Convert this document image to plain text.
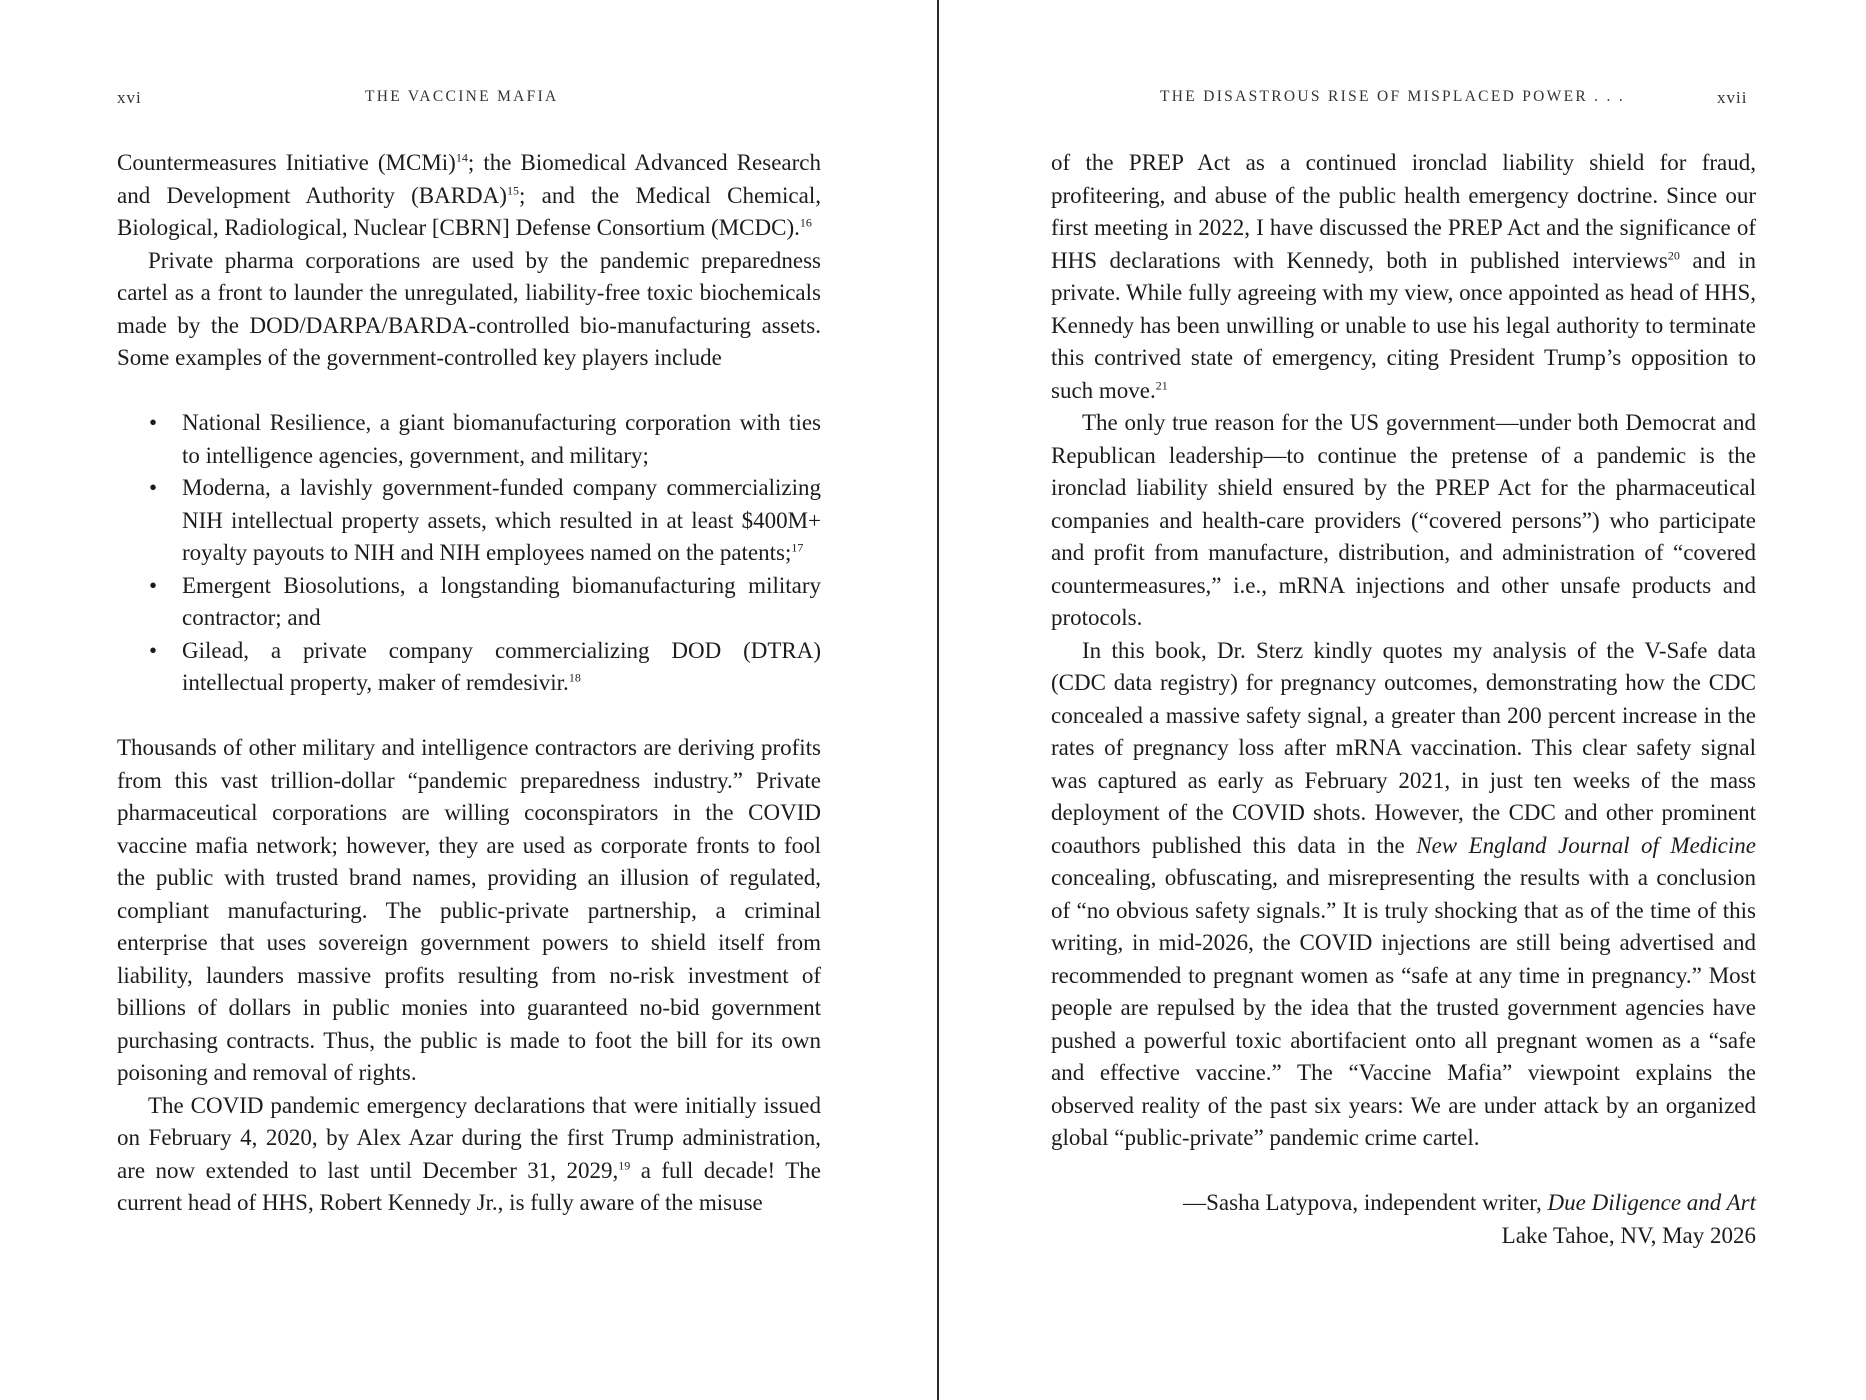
xvi	THE VACCINE MAFIA

Countermeasures Initiative (MCMi)$^{14}$; the Biomedical Advanced Research and Development Authority (BARDA)$^{15}$; and the Medical Chemical, Biological, Radiological, Nuclear [CBRN] Defense Consortium (MCDC).$^{16}$

Private pharma corporations are used by the pandemic preparedness cartel as a front to launder the unregulated, liability-free toxic biochemicals made by the DOD/DARPA/BARDA-controlled bio-manufacturing assets. Some examples of the government-controlled key players include

• National Resilience, a giant biomanufacturing corporation with ties to intelligence agencies, government, and military;
• Moderna, a lavishly government-funded company commercializing NIH intellectual property assets, which resulted in at least $400M+ royalty payouts to NIH and NIH employees named on the patents;$^{17}$
• Emergent Biosolutions, a longstanding biomanufacturing military contractor; and
• Gilead, a private company commercializing DOD (DTRA) intellectual property, maker of remdesivir.$^{18}$

Thousands of other military and intelligence contractors are deriving profits from this vast trillion-dollar “pandemic preparedness industry.” Private pharmaceutical corporations are willing coconspirators in the COVID vaccine mafia network; however, they are used as corporate fronts to fool the public with trusted brand names, providing an illusion of regulated, compliant manufacturing. The public-private partnership, a criminal enterprise that uses sovereign government powers to shield itself from liability, launders massive profits resulting from no-risk investment of billions of dollars in public monies into guaranteed no-bid government purchasing contracts. Thus, the public is made to foot the bill for its own poisoning and removal of rights.

The COVID pandemic emergency declarations that were initially issued on February 4, 2020, by Alex Azar during the first Trump administration, are now extended to last until December 31, 2029,19 a full decade! The current head of HHS, Robert Kennedy Jr., is fully aware of the misuse

THE DISASTROUS RISE OF MISPLACED POWER . . .	xvii

of the PREP Act as a continued ironclad liability shield for fraud, profiteering, and abuse of the public health emergency doctrine. Since our first meeting in 2022, I have discussed the PREP Act and the significance of HHS declarations with Kennedy, both in published interviews$^{20}$ and in private. While fully agreeing with my view, once appointed as head of HHS, Kennedy has been unwilling or unable to use his legal authority to terminate this contrived state of emergency, citing President Trump’s opposition to such move.$^{21}$

The only true reason for the US government—under both Democrat and Republican leadership—to continue the pretense of a pandemic is the ironclad liability shield ensured by the PREP Act for the pharmaceutical companies and health-care providers (“covered persons”) who participate and profit from manufacture, distribution, and administration of “covered countermeasures,” i.e., mRNA injections and other unsafe products and protocols.

In this book, Dr. Sterz kindly quotes my analysis of the V-Safe data (CDC data registry) for pregnancy outcomes, demonstrating how the CDC concealed a massive safety signal, a greater than 200 percent increase in the rates of pregnancy loss after mRNA vaccination. This clear safety signal was captured as early as February 2021, in just ten weeks of the mass deployment of the COVID shots. However, the CDC and other prominent coauthors published this data in the New England Journal of Medicine concealing, obfuscating, and misrepresenting the results with a conclusion of “no obvious safety signals.” It is truly shocking that as of the time of this writing, in mid-2026, the COVID injections are still being advertised and recommended to pregnant women as “safe at any time in pregnancy.” Most people are repulsed by the idea that the trusted government agencies have pushed a powerful toxic abortifacient onto all pregnant women as a “safe and effective vaccine.” The “Vaccine Mafia” viewpoint explains the observed reality of the past six years: We are under attack by an organized global “public-private” pandemic crime cartel.

—Sasha Latypova, independent writer, Due Diligence and Art

Lake Tahoe, NV, May 2026
